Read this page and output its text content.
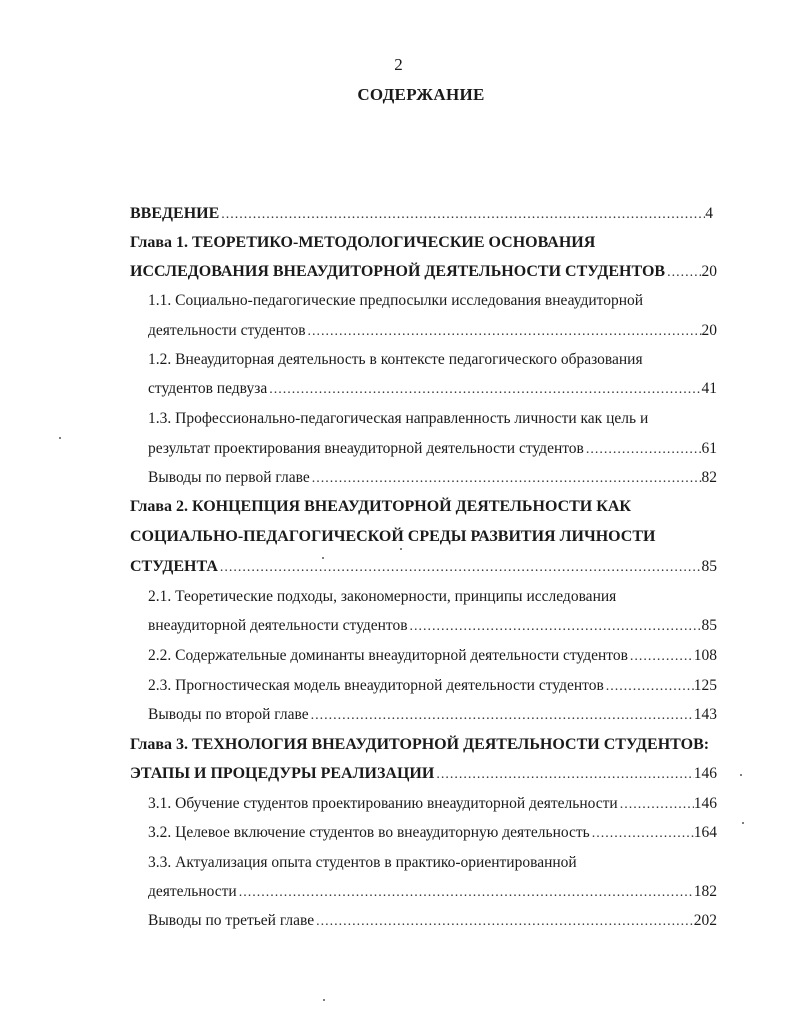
2
СОДЕРЖАНИЕ
ВВЕДЕНИЕ .....	4
Глава 1. ТЕОРЕТИКО-МЕТОДОЛОГИЧЕСКИЕ ОСНОВАНИЯ
ИССЛЕДОВАНИЯ ВНЕАУДИТОРНОЙ ДЕЯТЕЛЬНОСТИ СТУДЕНТОВ ..... 20
1.1. Социально-педагогические предпосылки исследования внеаудиторной
деятельности студентов .....	20
1.2. Внеаудиторная деятельность в контексте педагогического образования
студентов педвуза .....	41
1.3. Профессионально-педагогическая направленность личности как цель и
результат проектирования внеаудиторной деятельности студентов .....	61
Выводы по первой главе .....	82
Глава 2. КОНЦЕПЦИЯ ВНЕАУДИТОРНОЙ ДЕЯТЕЛЬНОСТИ КАК
СОЦИАЛЬНО-ПЕДАГОГИЧЕСКОЙ СРЕДЫ РАЗВИТИЯ ЛИЧНОСТИ
СТУДЕНТА .....	85
2.1. Теоретические подходы, закономерности, принципы исследования
внеаудиторной деятельности студентов .....	85
2.2. Содержательные доминанты внеаудиторной деятельности студентов .....	108
2.3. Прогностическая модель внеаудиторной деятельности студентов .....	125
Выводы по второй главе .....	143
Глава 3. ТЕХНОЛОГИЯ ВНЕАУДИТОРНОЙ ДЕЯТЕЛЬНОСТИ СТУДЕНТОВ:
ЭТАПЫ И ПРОЦЕДУРЫ РЕАЛИЗАЦИИ .....	146
3.1. Обучение студентов проектированию внеаудиторной деятельности .....	146
3.2. Целевое включение студентов во внеаудиторную деятельность .....	164
3.3. Актуализация опыта студентов в практико-ориентированной
деятельности .....	182
Выводы по третьей главе .....	202
